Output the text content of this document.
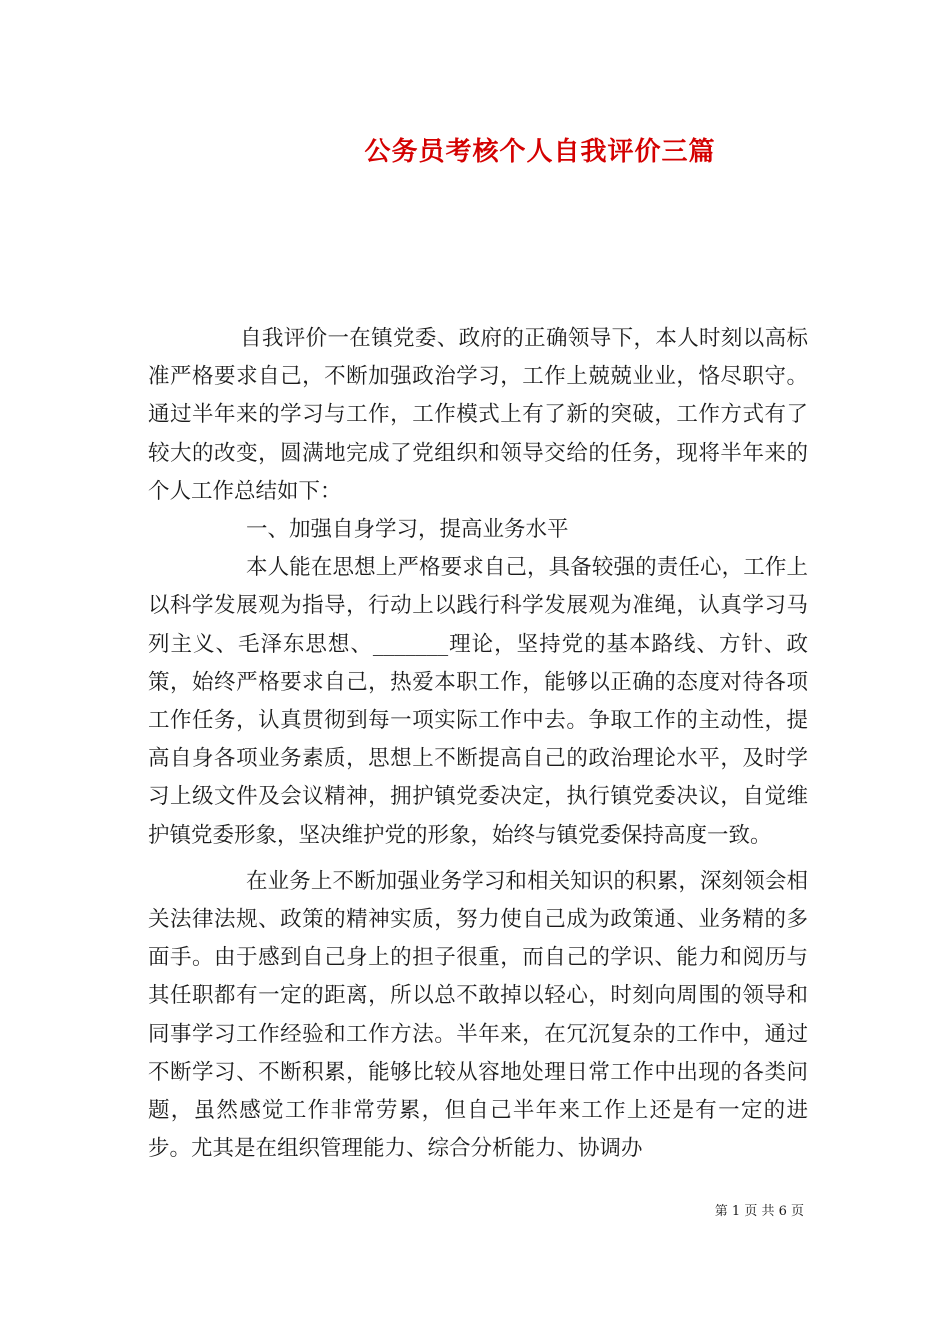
公务员考核个人自我评价三篇

自我评价一在镇党委、政府的正确领导下，本人时刻以高标准严格要求自己，不断加强政治学习，工作上兢兢业业，恪尽职守。通过半年来的学习与工作，工作模式上有了新的突破，工作方式有了较大的改变，圆满地完成了党组织和领导交给的任务，现将半年来的个人工作总结如下：

一、加强自身学习，提高业务水平

本人能在思想上严格要求自己，具备较强的责任心，工作上以科学发展观为指导，行动上以践行科学发展观为准绳，认真学习马列主义、毛泽东思想、_______理论，坚持党的基本路线、方针、政策，始终严格要求自己，热爱本职工作，能够以正确的态度对待各项工作任务，认真贯彻到每一项实际工作中去。争取工作的主动性，提高自身各项业务素质，思想上不断提高自己的政治理论水平，及时学习上级文件及会议精神，拥护镇党委决定，执行镇党委决议，自觉维护镇党委形象，坚决维护党的形象，始终与镇党委保持高度一致。

在业务上不断加强业务学习和相关知识的积累，深刻领会相关法律法规、政策的精神实质，努力使自己成为政策通、业务精的多面手。由于感到自己身上的担子很重，而自己的学识、能力和阅历与其任职都有一定的距离，所以总不敢掉以轻心，时刻向周围的领导和同事学习工作经验和工作方法。半年来，在冗沉复杂的工作中，通过不断学习、不断积累，能够比较从容地处理日常工作中出现的各类问题，虽然感觉工作非常劳累，但自己半年来工作上还是有一定的进步。尤其是在组织管理能力、综合分析能力、协调办

第 1 页 共 6 页
